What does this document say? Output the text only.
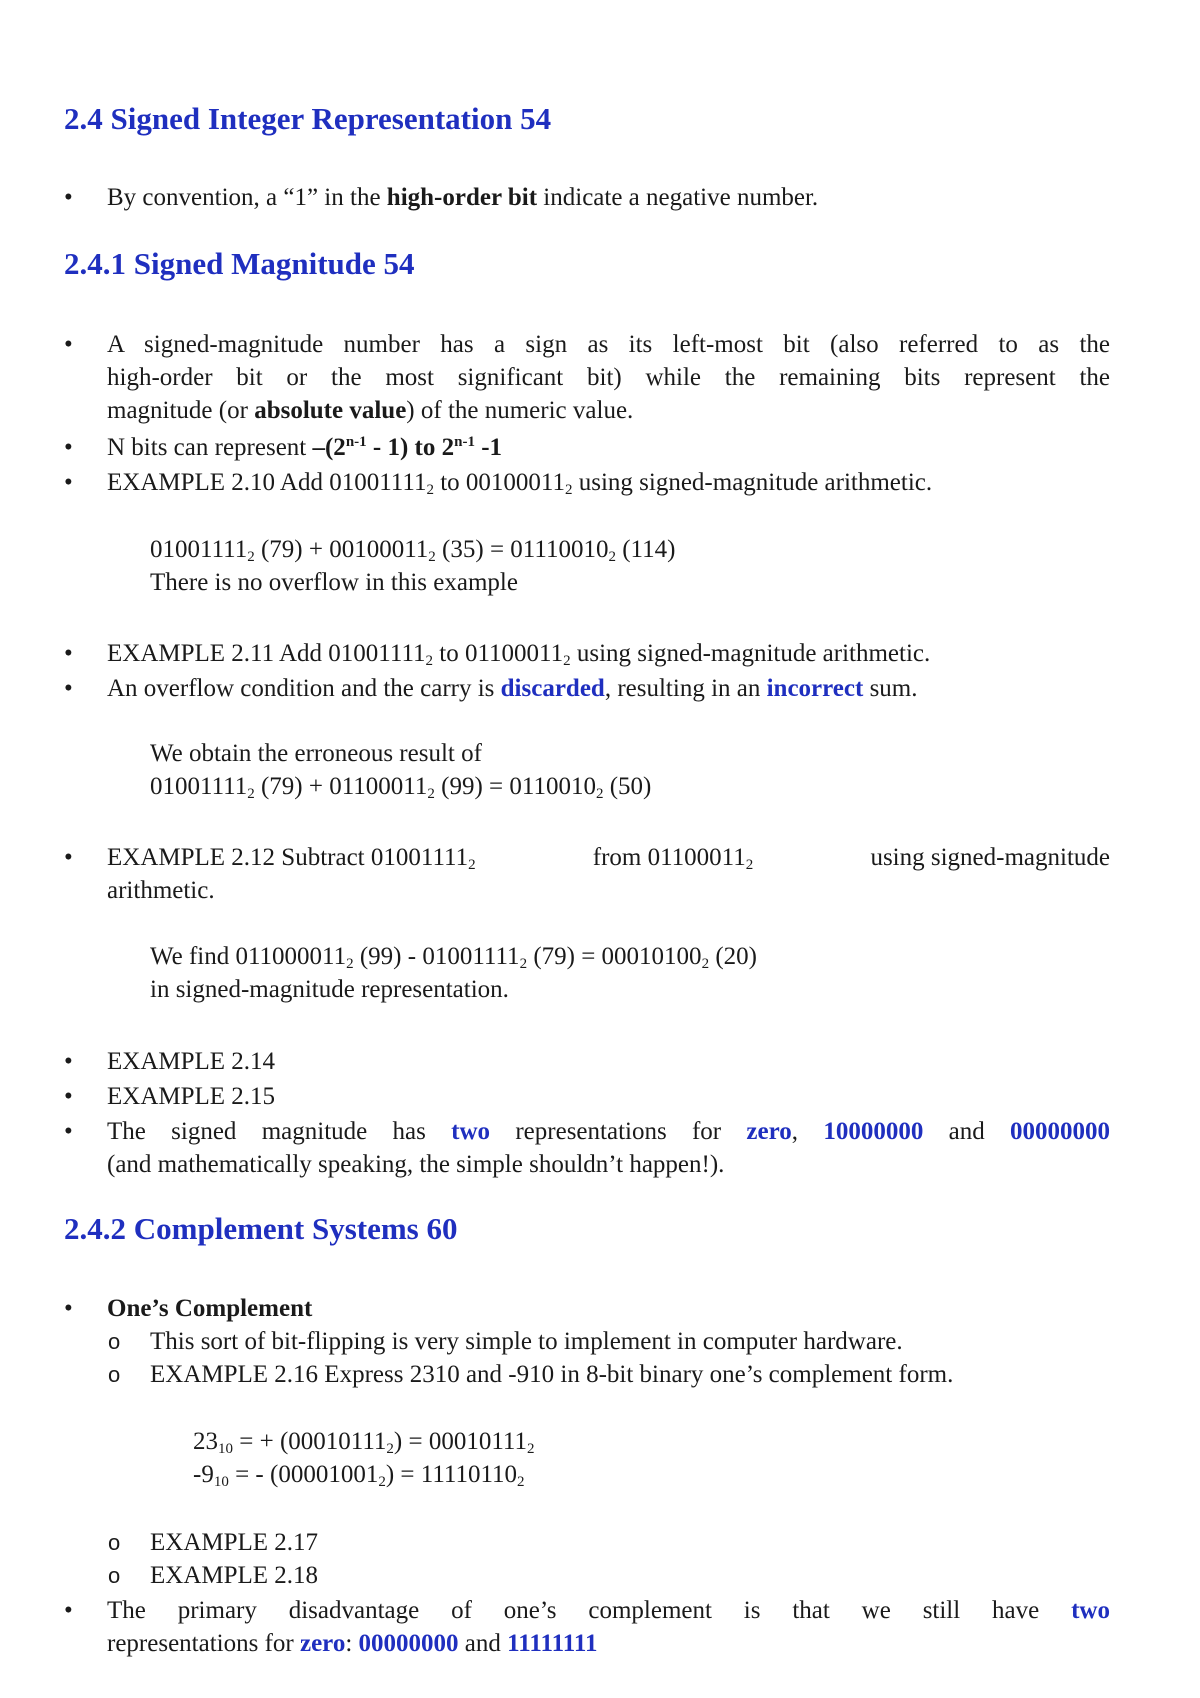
2.4 Signed Integer Representation 54
• By convention, a “1” in the high-order bit indicate a negative number.
2.4.1 Signed Magnitude 54
• A signed-magnitude number has a sign as its left-most bit (also referred to as the
high-order bit or the most significant bit) while the remaining bits represent the
magnitude (or absolute value) of the numeric value.
• N bits can represent –(2$^{n-1}$ - 1) to 2$^{n-1}$ -1
• EXAMPLE 2.10 Add $01001111_2$ to $00100011_2$ using signed-magnitude arithmetic.
$01001111_2$ $(79) + 00100011_2$ $(35) = 01110010_2$ (114)
There is no overflow in this example
• EXAMPLE 2.11 Add $01001111_2$ to $01100011_2$ using signed-magnitude arithmetic.
• An overflow condition and the carry is discarded, resulting in an incorrect sum.
We obtain the erroneous result of
$01001111_2$ $(79) + 01100011_2$ $(99) = 0110010_2$ (50)
• EXAMPLE 2.12 Subtract $01001111_2$	from $01100011_2$	using signed-magnitude
arithmetic.
We find $011000011_2$ $(99) - 01001111_2$ $(79) = 00010100_2$ (20)
in signed-magnitude representation.
• EXAMPLE 2.14
• EXAMPLE 2.15
• The signed magnitude has two representations for zero, 10000000 and 00000000
(and mathematically speaking, the simple shouldn’t happen!).
2.4.2 Complement Systems 60
• One’s Complement
o This sort of bit-flipping is very simple to implement in computer hardware.
o EXAMPLE 2.16 Express 2310 and -910 in 8-bit binary one’s complement form.
$23_{10}$ = + $(00010111_2) = 00010111_2$
$-9_{10}$ = - $(00001001_2) = 11110110_2$
o EXAMPLE 2.17
o EXAMPLE 2.18
• The primary disadvantage of one’s complement is that we still have two
representations for zero: 00000000 and 11111111
